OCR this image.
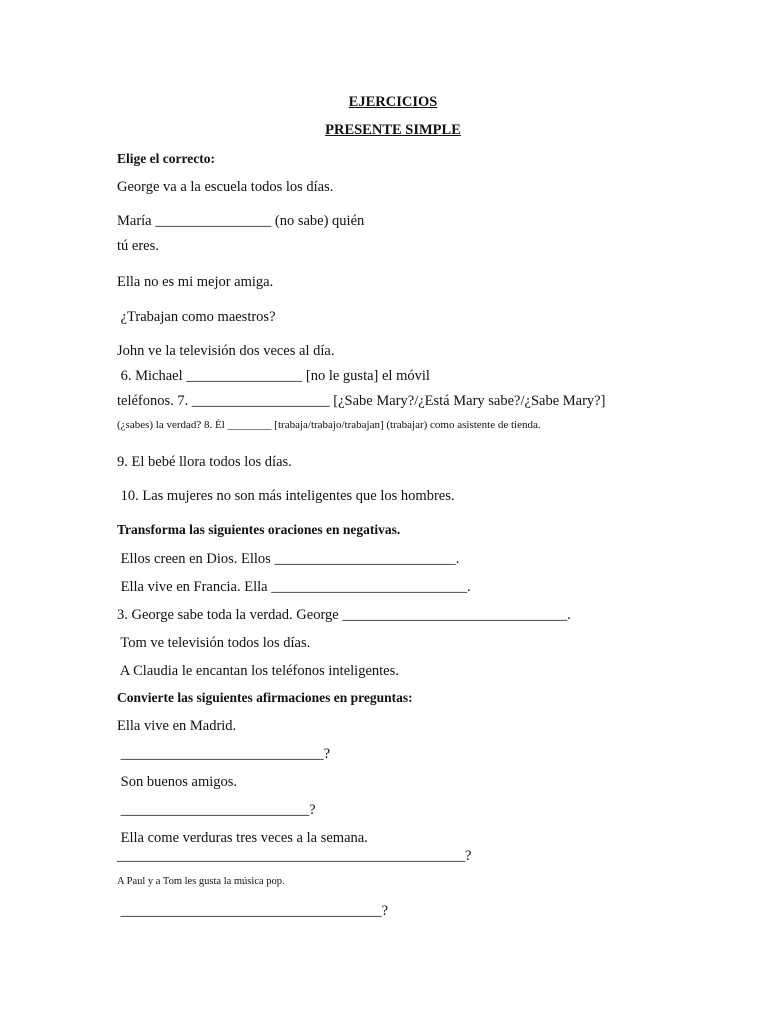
EJERCICIOS
PRESENTE SIMPLE
Elige el correcto:
George va a la escuela todos los días.
María ________________ (no sabe) quién
tú eres.
Ella no es mi mejor amiga.
¿Trabajan como maestros?
John ve la televisión dos veces al día.
6. Michael ________________ [no le gusta] el móvil
teléfonos. 7. ___________________ [¿Sabe Mary?/¿Está Mary sabe?/¿Sabe Mary?]
(¿sabes) la verdad? 8. Él ________ [trabaja/trabajo/trabajan] (trabajar) como asistente de tienda.
9. El bebé llora todos los días.
10. Las mujeres no son más inteligentes que los hombres.
Transforma las siguientes oraciones en negativas.
Ellos creen en Dios. Ellos _________________________.
Ella vive en Francia. Ella ___________________________.
3. George sabe toda la verdad. George _______________________________.
Tom ve televisión todos los días.
A Claudia le encantan los teléfonos inteligentes.
Convierte las siguientes afirmaciones en preguntas:
Ella vive en Madrid.
____________________________?
Son buenos amigos.
__________________________?
Ella come verduras tres veces a la semana.
________________________________________________?
A Paul y a Tom les gusta la música pop.
____________________________________?
